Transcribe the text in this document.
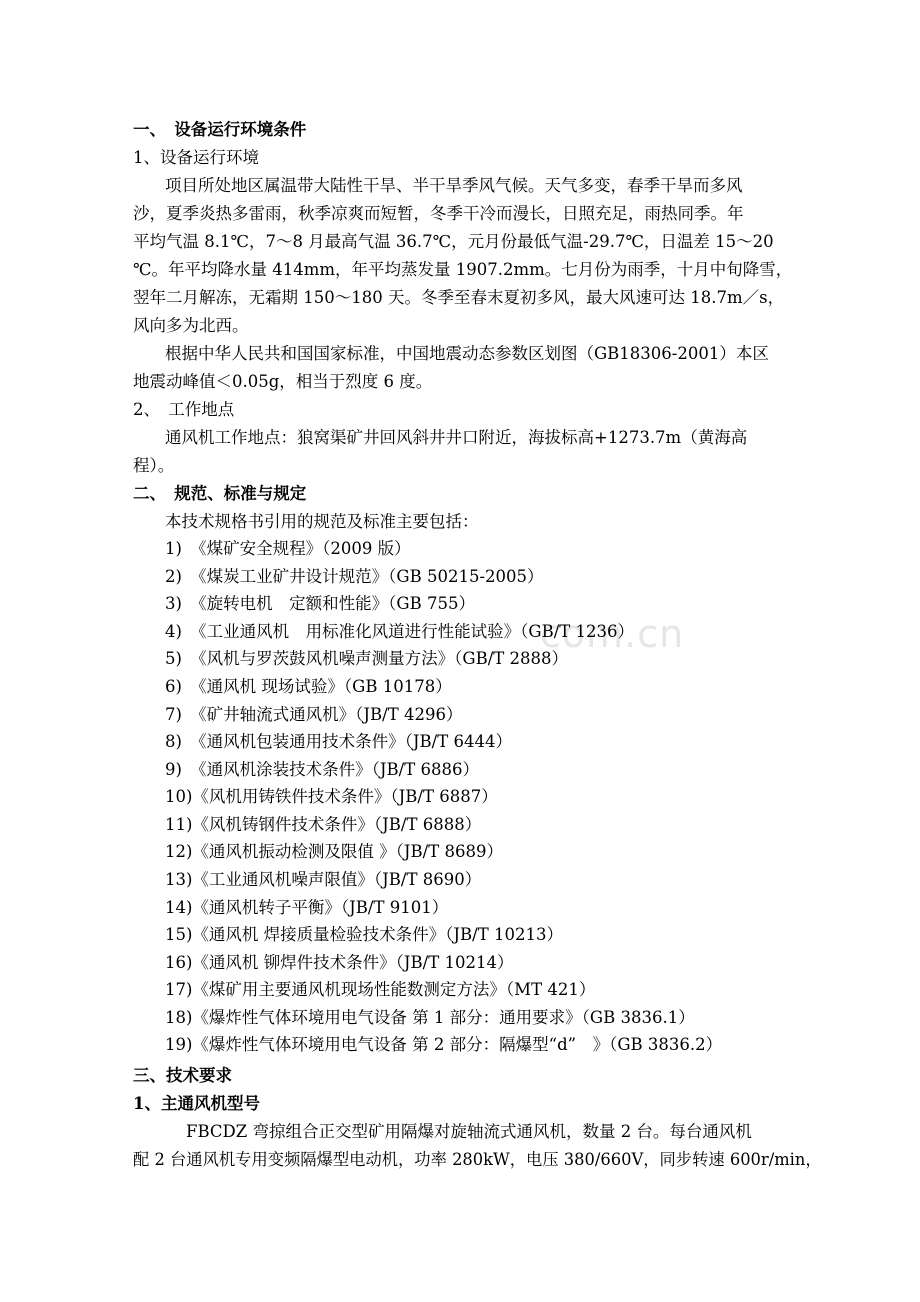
com.cn
一、　设备运行环境条件
1、设备运行环境
项目所处地区属温带大陆性干旱、半干旱季风气候。天气多变，春季干旱而多风
沙，夏季炎热多雷雨，秋季凉爽而短暂，冬季干冷而漫长，日照充足，雨热同季。年
平均气温 8.1℃，7～8 月最高气温 36.7℃，元月份最低气温-29.7℃，日温差 15～20
℃。年平均降水量 414mm，年平均蒸发量 1907.2mm。七月份为雨季，十月中旬降雪，
翌年二月解冻，无霜期 150～180 天。冬季至春末夏初多风，最大风速可达 18.7m／s，
风向多为北西。
根据中华人民共和国国家标准，中国地震动态参数区划图（GB18306-2001）本区
地震动峰值＜0.05g，相当于烈度 6 度。
2、　工作地点
通风机工作地点：狼窝渠矿井回风斜井井口附近，海拔标高+1273.7m（黄海高
程）。
二、　规范、标准与规定
本技术规格书引用的规范及标准主要包括：
1)　《煤矿安全规程》（2009 版）
2)　《煤炭工业矿井设计规范》（GB 50215-2005）
3)　《旋转电机　定额和性能》（GB 755）
4)　《工业通风机　用标准化风道进行性能试验》（GB/T 1236）
5)　《风机与罗茨鼓风机噪声测量方法》（GB/T 2888）
6)　《通风机 现场试验》（GB 10178）
7)　《矿井轴流式通风机》（JB/T 4296）
8)　《通风机包装通用技术条件》（JB/T 6444）
9)　《通风机涂装技术条件》（JB/T 6886）
10)《风机用铸铁件技术条件》（JB/T 6887）
11)《风机铸钢件技术条件》（JB/T 6888）
12)《通风机振动检测及限值 》（JB/T 8689）
13)《工业通风机噪声限值》（JB/T 8690）
14)《通风机转子平衡》（JB/T 9101）
15)《通风机 焊接质量检验技术条件》（JB/T 10213）
16)《通风机 铆焊件技术条件》（JB/T 10214）
17)《煤矿用主要通风机现场性能数测定方法》（MT 421）
18)《爆炸性气体环境用电气设备 第 1 部分：通用要求》（GB 3836.1）
19)《爆炸性气体环境用电气设备 第 2 部分：隔爆型“d”　》（GB 3836.2）
三、技术要求
1、主通风机型号
FBCDZ 弯掠组合正交型矿用隔爆对旋轴流式通风机，数量 2 台。每台通风机
配 2 台通风机专用变频隔爆型电动机，功率 280kW，电压 380/660V，同步转速 600r/min，
